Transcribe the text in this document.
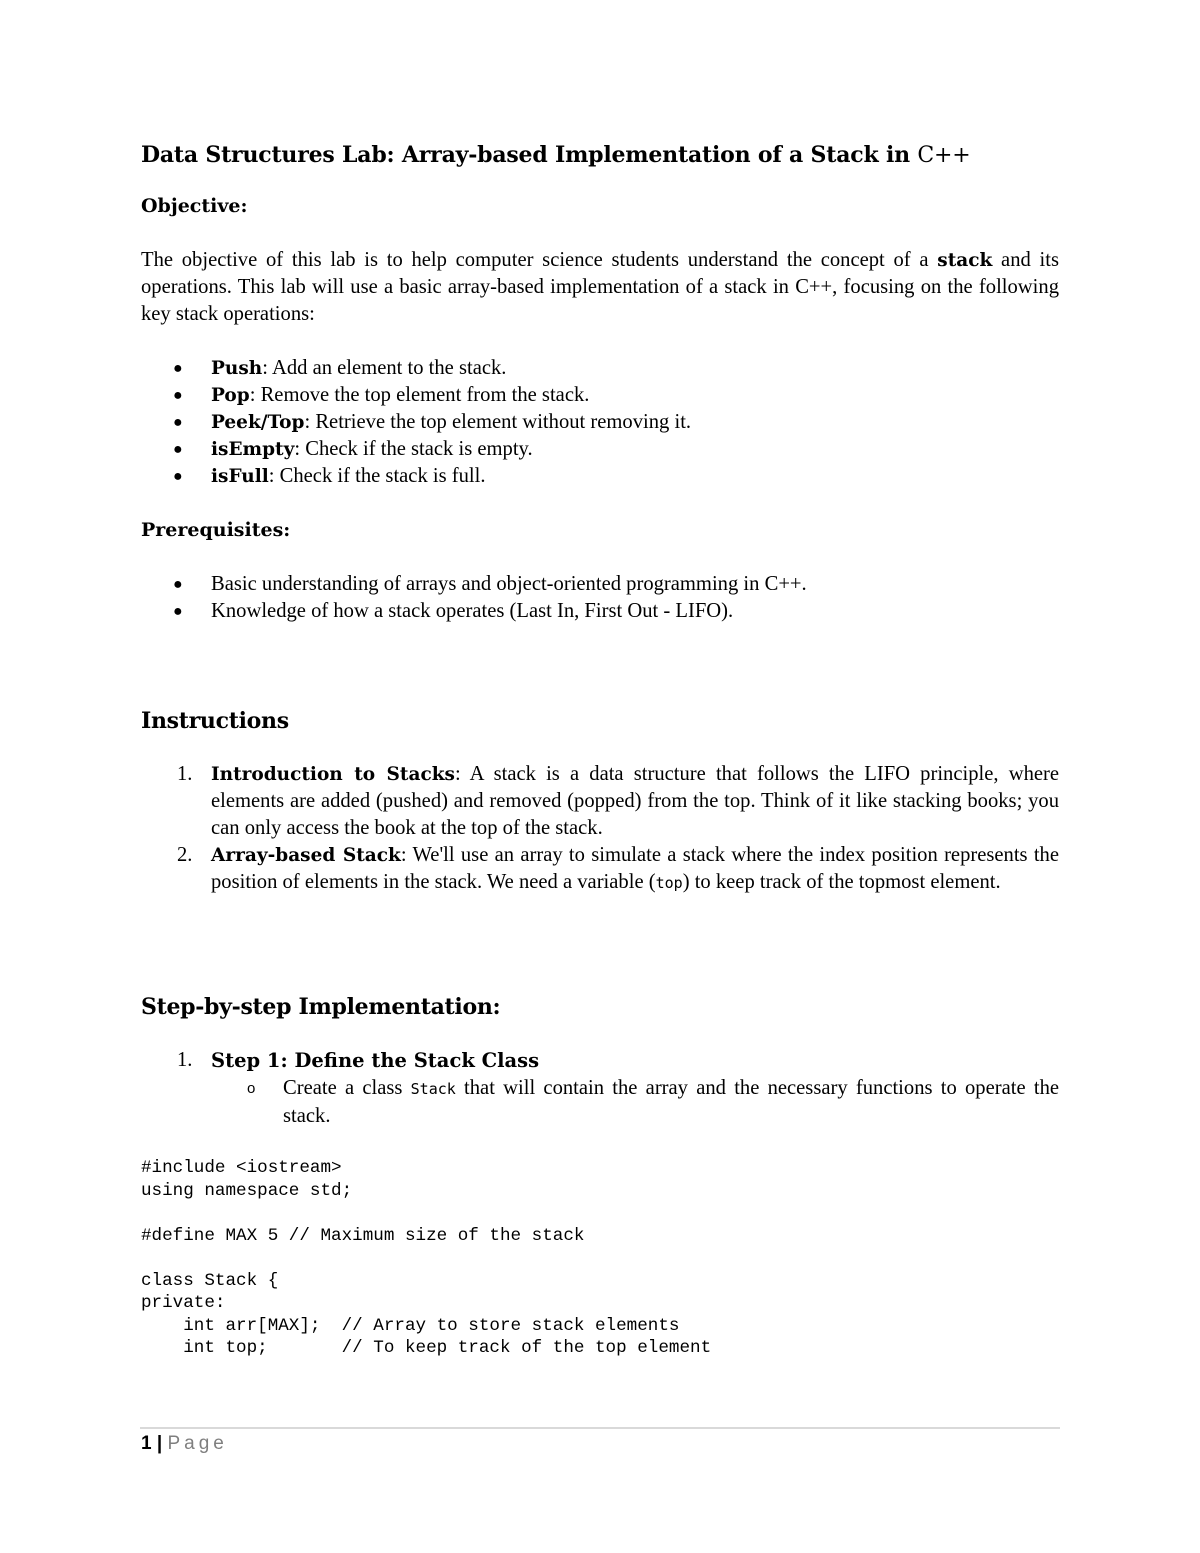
Data Structures Lab: Array-based Implementation of a Stack in C++
Objective:

The objective of this lab is to help computer science students understand the concept of a stack and its operations. This lab will use a basic array-based implementation of a stack in C++, focusing on the following key stack operations:

● Push: Add an element to the stack.
● Pop: Remove the top element from the stack.
● Peek/Top: Retrieve the top element without removing it.
● isEmpty: Check if the stack is empty.
● isFull: Check if the stack is full.
Prerequisites:
● Basic understanding of arrays and object-oriented programming in C++.
● Knowledge of how a stack operates (Last In, First Out - LIFO).
Instructions
1. Introduction to Stacks: A stack is a data structure that follows the LIFO principle, where elements are added (pushed) and removed (popped) from the top. Think of it like stacking books; you can only access the book at the top of the stack.
2. Array-based Stack: We'll use an array to simulate a stack where the index position represents the position of elements in the stack. We need a variable (top) to keep track of the topmost element.
Step-by-step Implementation:
1. Step 1: Define the Stack Class
o Create a class Stack that will contain the array and the necessary functions to operate the stack.
#include <iostream>
using namespace std;

#define MAX 5 // Maximum size of the stack

class Stack {
private:
int arr[MAX];  // Array to store stack elements
int top;       // To keep track of the top element
1 | Page
